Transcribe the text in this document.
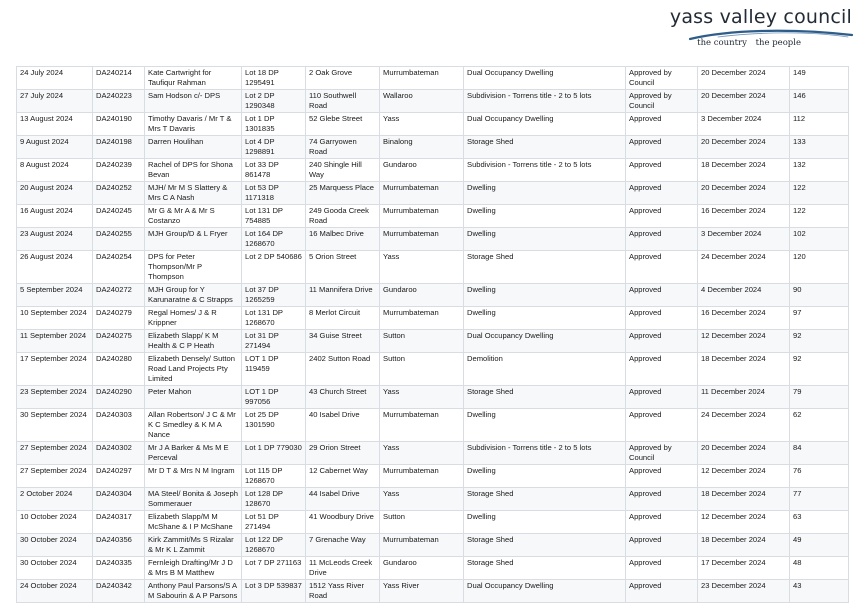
yass valley council
the country the people
24 July 2024	DA240214	Kate Cartwright for Taufiqur Rahman	Lot 18 DP 1295491	2 Oak Grove	Murrumbateman	Dual Occupancy Dwelling	Approved by Council	20 December 2024	149
27 July 2024	DA240223	Sam Hodson c/- DPS	Lot 2 DP 1290348	110 Southwell Road	Wallaroo	Subdivision - Torrens title - 2 to 5 lots	Approved by Council	20 December 2024	146
13 August 2024	DA240190	Timothy Davaris / Mr T & Mrs T Davaris	Lot 1 DP 1301835	52 Glebe Street	Yass	Dual Occupancy Dwelling	Approved	3 December 2024	112
9 August 2024	DA240198	Darren Houlihan	Lot 4 DP 1298891	74 Garryowen Road	Binalong	Storage Shed	Approved	20 December 2024	133
8 August 2024	DA240239	Rachel of DPS for Shona Bevan	Lot 33 DP 861478	240 Shingle Hill Way	Gundaroo	Subdivision - Torrens title - 2 to 5 lots	Approved	18 December 2024	132
20 August 2024	DA240252	MJH/ Mr M S Slattery & Mrs C A Nash	Lot 53 DP 1171318	25 Marquess Place	Murrumbateman	Dwelling	Approved	20 December 2024	122
16 August 2024	DA240245	Mr G & Mr A & Mr S Costanzo	Lot 131 DP 754885	249 Gooda Creek Road	Murrumbateman	Dwelling	Approved	16 December 2024	122
23 August 2024	DA240255	MJH Group/D & L Fryer	Lot 164 DP 1268670	16 Malbec Drive	Murrumbateman	Dwelling	Approved	3 December 2024	102
26 August 2024	DA240254	DPS for Peter Thompson/Mr P Thompson	Lot 2 DP 540686	5 Orion Street	Yass	Storage Shed	Approved	24 December 2024	120
5 September 2024	DA240272	MJH Group for Y Karunaratne & C Strapps	Lot 37 DP 1265259	11 Mannifera Drive	Gundaroo	Dwelling	Approved	4 December 2024	90
10 September 2024	DA240279	Regal Homes/ J & R Krippner	Lot 131 DP 1268670	8 Merlot Circuit	Murrumbateman	Dwelling	Approved	16 December 2024	97
11 September 2024	DA240275	Elizabeth Slapp/ K M Health & C P Heath	Lot 31 DP 271494	34 Guise Street	Sutton	Dual Occupancy Dwelling	Approved	12 December 2024	92
17 September 2024	DA240280	Elizabeth Densely/ Sutton Road Land Projects Pty Limited	LOT 1 DP 119459	2402 Sutton Road	Sutton	Demolition	Approved	18 December 2024	92
23 September 2024	DA240290	Peter Mahon	LOT 1 DP 997056	43 Church Street	Yass	Storage Shed	Approved	11 December 2024	79
30 September 2024	DA240303	Allan Robertson/ J C & Mr K C Smedley & K M A Nance	Lot 25 DP 1301590	40 Isabel Drive	Murrumbateman	Dwelling	Approved	24 December 2024	62
27 September 2024	DA240302	Mr J A Barker & Ms M E Perceval	Lot 1 DP 779030	29 Orion Street	Yass	Subdivision - Torrens title - 2 to 5 lots	Approved by Council	20 December 2024	84
27 September 2024	DA240297	Mr D T & Mrs N M Ingram	Lot 115 DP 1268670	12 Cabernet Way	Murrumbateman	Dwelling	Approved	12 December 2024	76
2 October 2024	DA240304	MA Steel/ Bonita & Joseph Sommerauer	Lot 128 DP 128670	44 Isabel Drive	Yass	Storage Shed	Approved	18 December 2024	77
10 October 2024	DA240317	Elizabeth Slapp/M M McShane & I P McShane	Lot 51 DP 271494	41 Woodbury Drive	Sutton	Dwelling	Approved	12 December 2024	63
30 October 2024	DA240356	Kirk Zammit/Ms S Rizalar & Mr K L Zammit	Lot 122 DP 1268670	7 Grenache Way	Murrumbateman	Storage Shed	Approved	18 December 2024	49
30 October 2024	DA240335	Fernleigh Drafting/Mr J D & Mrs B M Matthew	Lot 7 DP 271163	11 McLeods Creek Drive	Gundaroo	Storage Shed	Approved	17 December 2024	48
24 October 2024	DA240342	Anthony Paul Parsons/S A M Sabourin & A P Parsons	Lot 3 DP 539837	1512 Yass River Road	Yass River	Dual Occupancy Dwelling	Approved	23 December 2024	43
